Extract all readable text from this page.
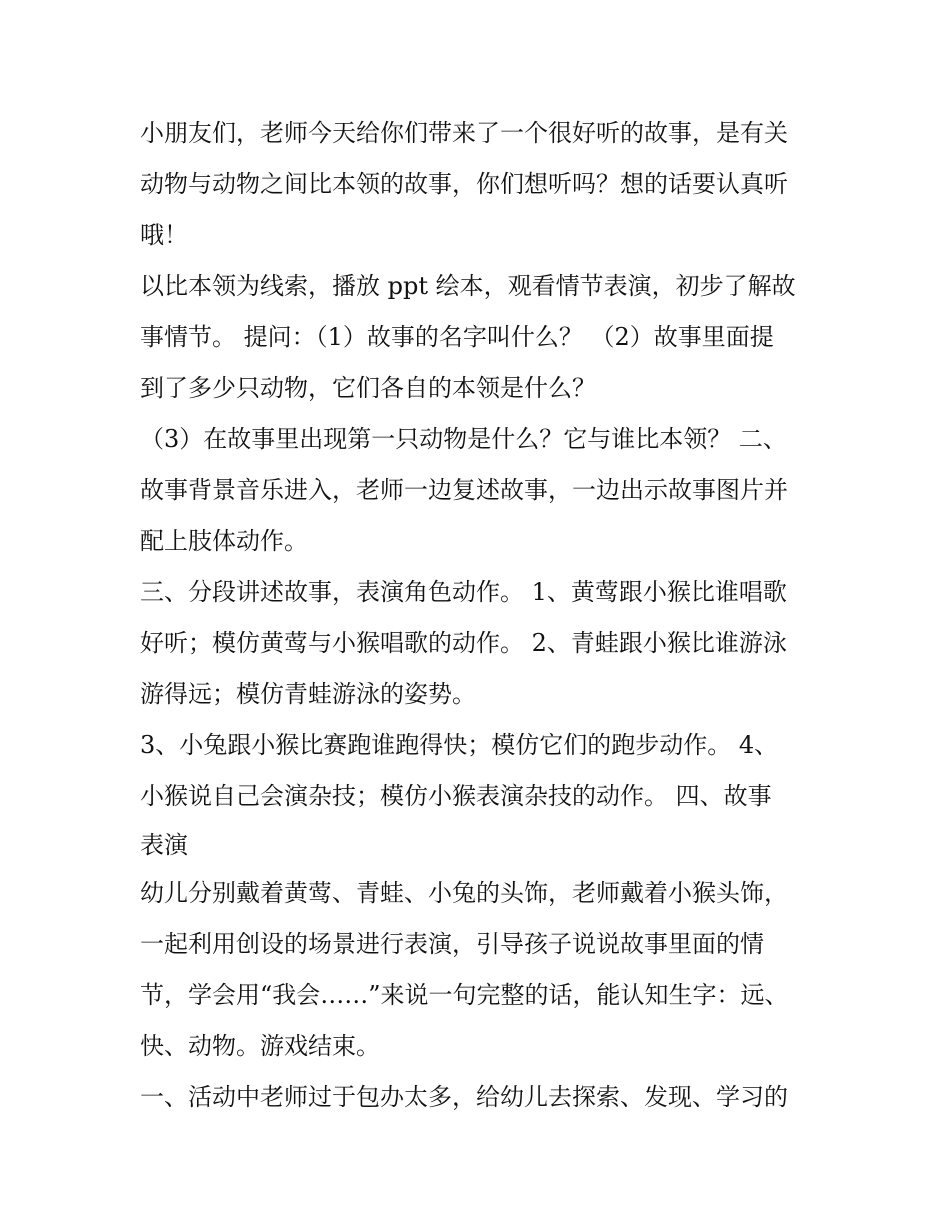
小朋友们，老师今天给你们带来了一个很好听的故事，是有关
动物与动物之间比本领的故事，你们想听吗？想的话要认真听
哦！
以比本领为线索，播放 ppt 绘本，观看情节表演，初步了解故
事情节。 提问：（1）故事的名字叫什么？ （2）故事里面提
到了多少只动物，它们各自的本领是什么？
（3）在故事里出现第一只动物是什么？它与谁比本领？ 二、
故事背景音乐进入，老师一边复述故事，一边出示故事图片并
配上肢体动作。
三、分段讲述故事，表演角色动作。 1、黄莺跟小猴比谁唱歌
好听；模仿黄莺与小猴唱歌的动作。 2、青蛙跟小猴比谁游泳
游得远；模仿青蛙游泳的姿势。
3、小兔跟小猴比赛跑谁跑得快；模仿它们的跑步动作。 4、
小猴说自己会演杂技；模仿小猴表演杂技的动作。 四、故事
表演
幼儿分别戴着黄莺、青蛙、小兔的头饰，老师戴着小猴头饰，
一起利用创设的场景进行表演，引导孩子说说故事里面的情
节，学会用“我会……”来说一句完整的话，能认知生字：远、
快、动物。游戏结束。
一、活动中老师过于包办太多，给幼儿去探索、发现、学习的
